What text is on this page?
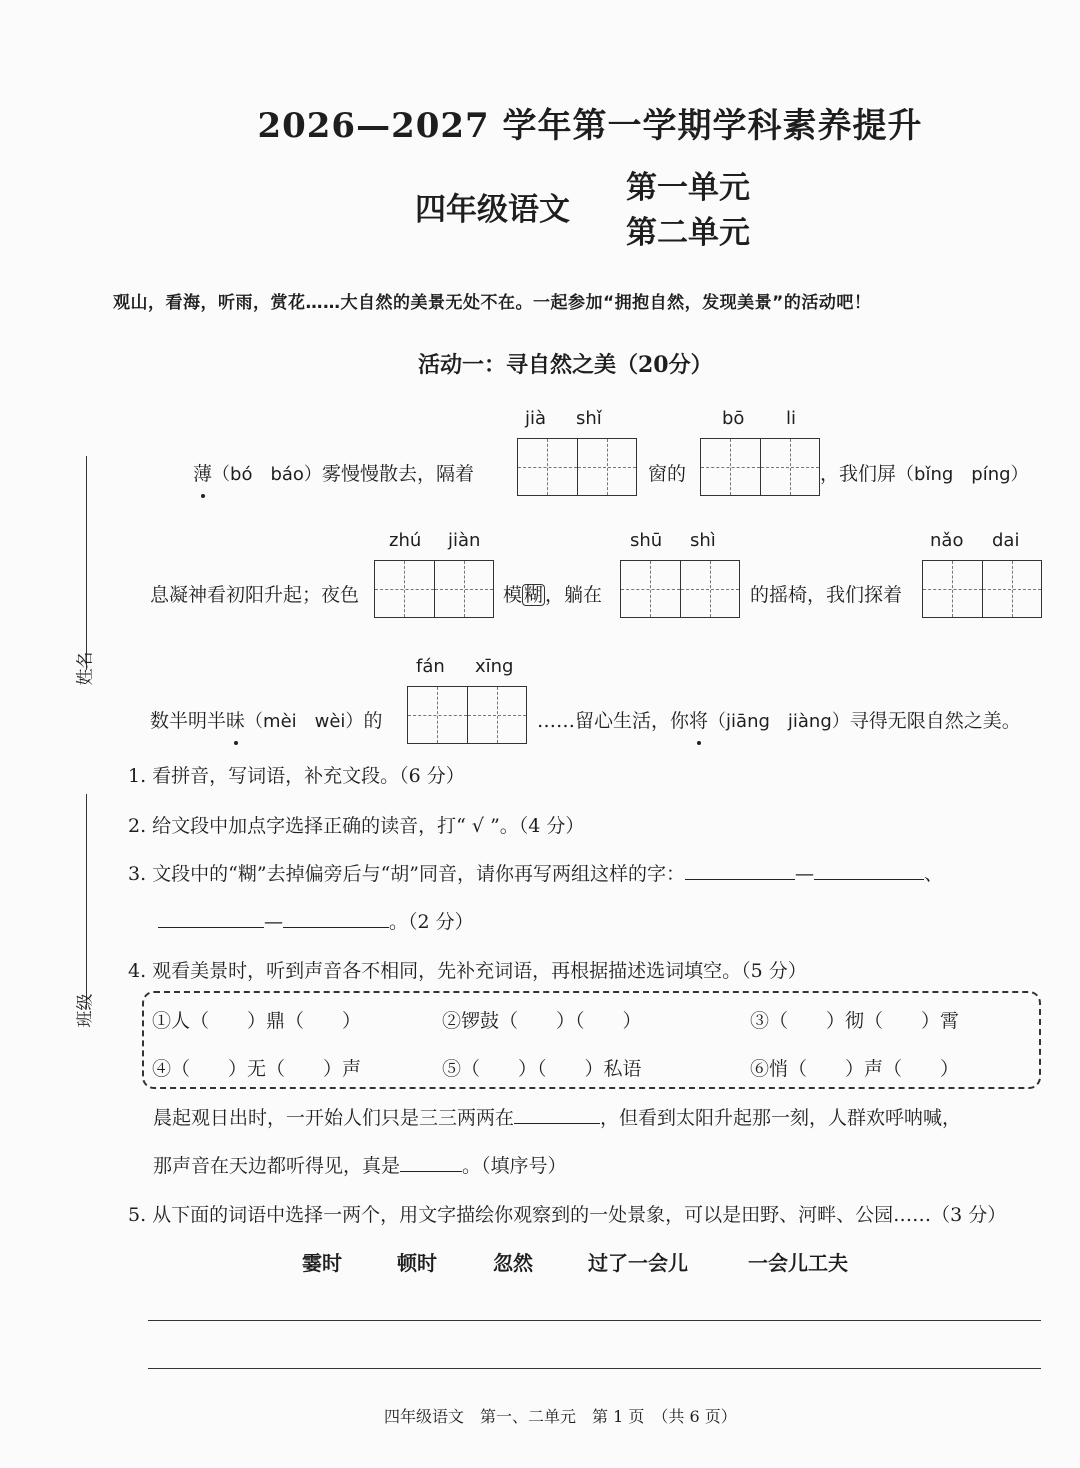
2026—2027 学年第一学期学科素养提升
四年级语文
第一单元
第二单元
观山，看海，听雨，赏花……大自然的美景无处不在。一起参加“拥抱自然，发现美景”的活动吧！
活动一：寻自然之美（20分）
姓名
班级
jià shǐ	bō li
薄（bó　báo）雾慢慢散去，隔着	窗的	，我们屏（bǐng　píng）
zhú jiàn	shū shì	nǎo dai
息凝神看初阳升起；夜色	模 糊 ，躺在	的摇椅，我们探着
fán xīng
数半明半昧（mèi　wèi）的	……留心生活，你将（jiāng　jiàng）寻得无限自然之美。
1. 看拼音，写词语，补充文段。（6 分）
2. 给文段中加点字选择正确的读音，打“ √ ”。（4 分）
3. 文段中的“糊”去掉偏旁后与“胡”同音，请你再写两组这样的字：	—	、
—	。（2 分）
4. 观看美景时，听到声音各不相同，先补充词语，再根据描述选词填空。（5 分）
①人（　　）鼎（　　）	②锣鼓（　　）（　　）	③（　　）彻（　　）霄
④（　　）无（　　）声	⑤（　　）（　　）私语	⑥悄（　　）声（　　）
晨起观日出时，一开始人们只是三三两两在	，但看到太阳升起那一刻，人群欢呼呐喊，
那声音在天边都听得见，真是	。（填序号）
5. 从下面的词语中选择一两个，用文字描绘你观察到的一处景象，可以是田野、河畔、公园……（3 分）
霎时	顿时	忽然	过了一会儿	一会儿工夫
四年级语文　第一、二单元　第 1 页　（共 6 页）
